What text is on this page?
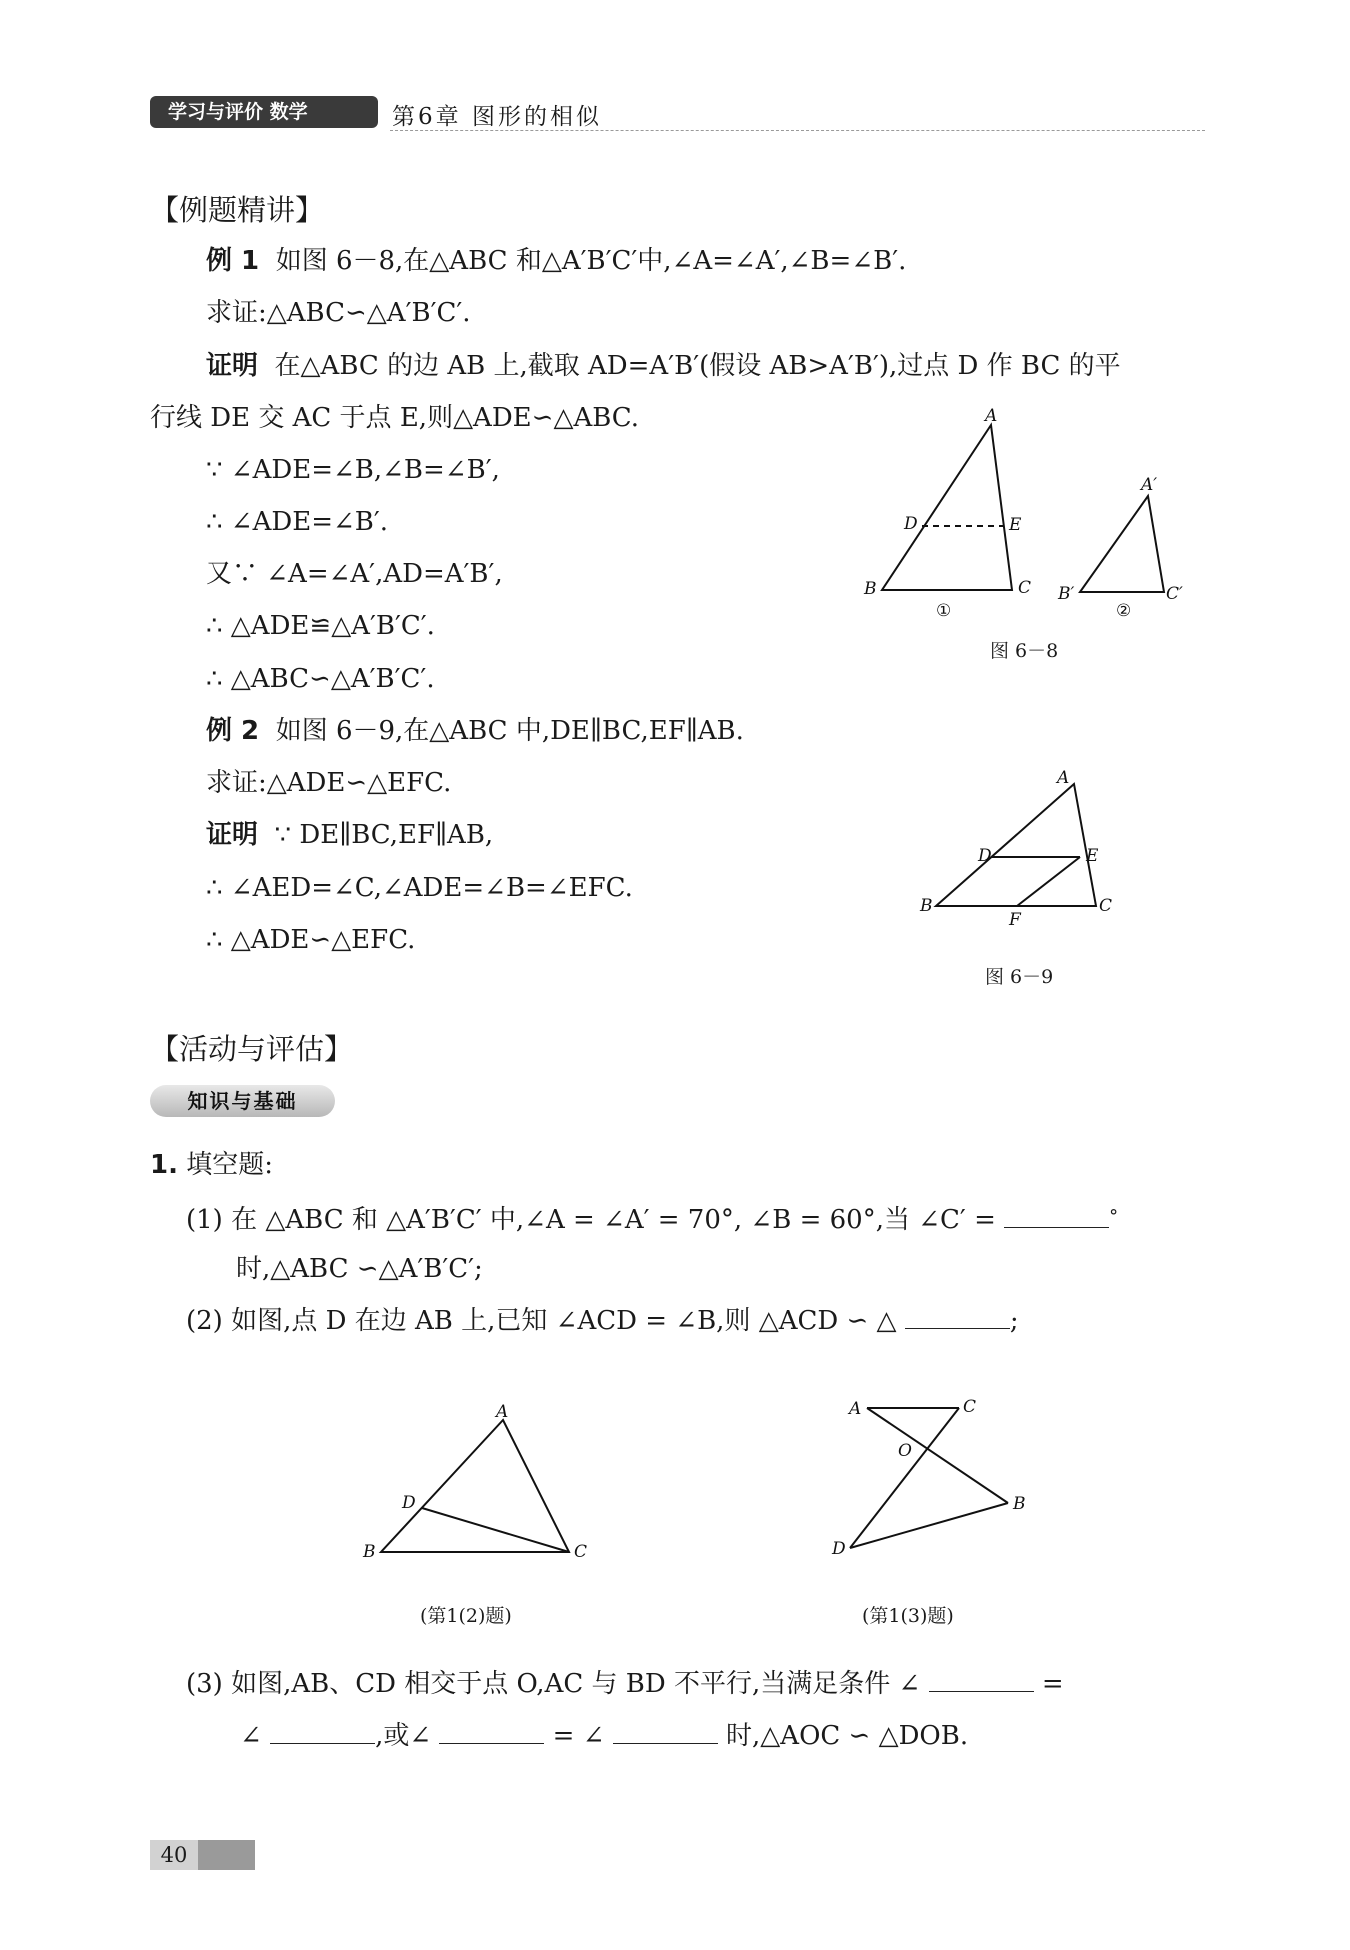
学习与评价 数学	第6章 图形的相似
【例题精讲】
例 1 如图 6－8,在△ABC 和△A′B′C′中,∠A=∠A′,∠B=∠B′.
求证:△ABC∽△A′B′C′.
证明 在△ABC 的边 AB 上,截取 AD=A′B′(假设 AB>A′B′),过点 D 作 BC 的平
行线 DE 交 AC 于点 E,则△ADE∽△ABC.
∵ ∠ADE=∠B,∠B=∠B′,
∴ ∠ADE=∠B′.
又∵ ∠A=∠A′,AD=A′B′,
∴ △ADE≌△A′B′C′.
∴ △ABC∽△A′B′C′.
A
D	E
B	C
A′
B′	C′
①	②
图 6－8
例 2 如图 6－9,在△ABC 中,DE∥BC,EF∥AB.
求证:△ADE∽△EFC.
证明 ∵ DE∥BC,EF∥AB,
∴ ∠AED=∠C,∠ADE=∠B=∠EFC.
∴ △ADE∽△EFC.
A
D	E
B	C
F
图 6－9
【活动与评估】
知识与基础
1. 填空题:
(1) 在 △ABC 和 △A′B′C′ 中,∠A = ∠A′ = 70°, ∠B = 60°,当 ∠C′ =	°
时,△ABC ∽△A′B′C′;
(2) 如图,点 D 在边 AB 上,已知 ∠ACD = ∠B,则 △ACD ∽ △	;
A
D
B	C
(第1(2)题)
A	C
O
B
D
(第1(3)题)
(3) 如图,AB、CD 相交于点 O,AC 与 BD 不平行,当满足条件 ∠	=
∠	,或∠	= ∠	时,△AOC ∽ △DOB.
40
